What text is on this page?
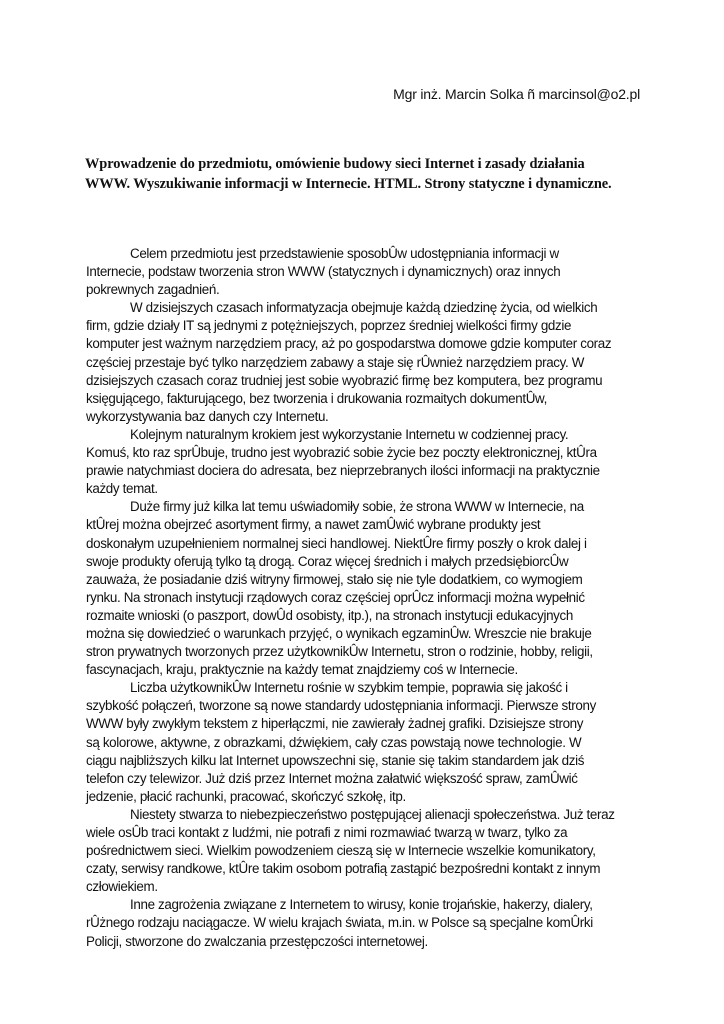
Mgr inż. Marcin Solka ñ marcinsol@o2.pl
Wprowadzenie do przedmiotu, omówienie budowy sieci Internet i zasady działania
WWW. Wyszukiwanie informacji w Internecie. HTML. Strony statyczne i dynamiczne.
Celem przedmiotu jest przedstawienie sposobÛw udostępniania informacji w
Internecie, podstaw tworzenia stron WWW (statycznych i dynamicznych) oraz innych
pokrewnych zagadnień.
W dzisiejszych czasach informatyzacja obejmuje każdą dziedzinę życia, od wielkich
firm, gdzie działy IT są jednymi z potężniejszych, poprzez średniej wielkości firmy gdzie
komputer jest ważnym narzędziem pracy, aż po gospodarstwa domowe gdzie komputer coraz
częściej przestaje być tylko narzędziem zabawy a staje się rÛwnież narzędziem pracy. W
dzisiejszych czasach coraz trudniej jest sobie wyobrazić firmę bez komputera, bez programu
księgującego, fakturującego, bez tworzenia i drukowania rozmaitych dokumentÛw,
wykorzystywania baz danych czy Internetu.
Kolejnym naturalnym krokiem jest wykorzystanie Internetu w codziennej pracy.
Komuś, kto raz sprÛbuje, trudno jest wyobrazić sobie życie bez poczty elektronicznej, ktÛra
prawie natychmiast dociera do adresata, bez nieprzebranych ilości informacji na praktycznie
każdy temat.
Duże firmy już kilka lat temu uświadomiły sobie, że strona WWW w Internecie, na
ktÛrej można obejrzeć asortyment firmy, a nawet zamÛwić wybrane produkty jest
doskonałym uzupełnieniem normalnej sieci handlowej. NiektÛre firmy poszły o krok dalej i
swoje produkty oferują tylko tą drogą. Coraz więcej średnich i małych przedsiębiorcÛw
zauważa, że posiadanie dziś witryny firmowej, stało się nie tyle dodatkiem, co wymogiem
rynku. Na stronach instytucji rządowych coraz częściej oprÛcz informacji można wypełnić
rozmaite wnioski (o paszport, dowÛd osobisty, itp.), na stronach instytucji edukacyjnych
można się dowiedzieć o warunkach przyjęć, o wynikach egzaminÛw. Wreszcie nie brakuje
stron prywatnych tworzonych przez użytkownikÛw Internetu, stron o rodzinie, hobby, religii,
fascynacjach, kraju, praktycznie na każdy temat znajdziemy coś w Internecie.
Liczba użytkownikÛw Internetu rośnie w szybkim tempie, poprawia się jakość i
szybkość połączeń, tworzone są nowe standardy udostępniania informacji. Pierwsze strony
WWW były zwykłym tekstem z hiperłączmi, nie zawierały żadnej grafiki. Dzisiejsze strony
są kolorowe, aktywne, z obrazkami, dźwiękiem, cały czas powstają nowe technologie. W
ciągu najbliższych kilku lat Internet upowszechni się, stanie się takim standardem jak dziś
telefon czy telewizor. Już dziś przez Internet można załatwić większość spraw, zamÛwić
jedzenie, płacić rachunki, pracować, skończyć szkołę, itp.
Niestety stwarza to niebezpieczeństwo postępującej alienacji społeczeństwa. Już teraz
wiele osÛb traci kontakt z ludźmi, nie potrafi z nimi rozmawiać twarzą w twarz, tylko za
pośrednictwem sieci. Wielkim powodzeniem cieszą się w Internecie wszelkie komunikatory,
czaty, serwisy randkowe, ktÛre takim osobom potrafią zastąpić bezpośredni kontakt z innym
człowiekiem.
Inne zagrożenia związane z Internetem to wirusy, konie trojańskie, hakerzy, dialery,
rÛżnego rodzaju naciągacze. W wielu krajach świata, m.in. w Polsce są specjalne komÛrki
Policji, stworzone do zwalczania przestępczości internetowej.
